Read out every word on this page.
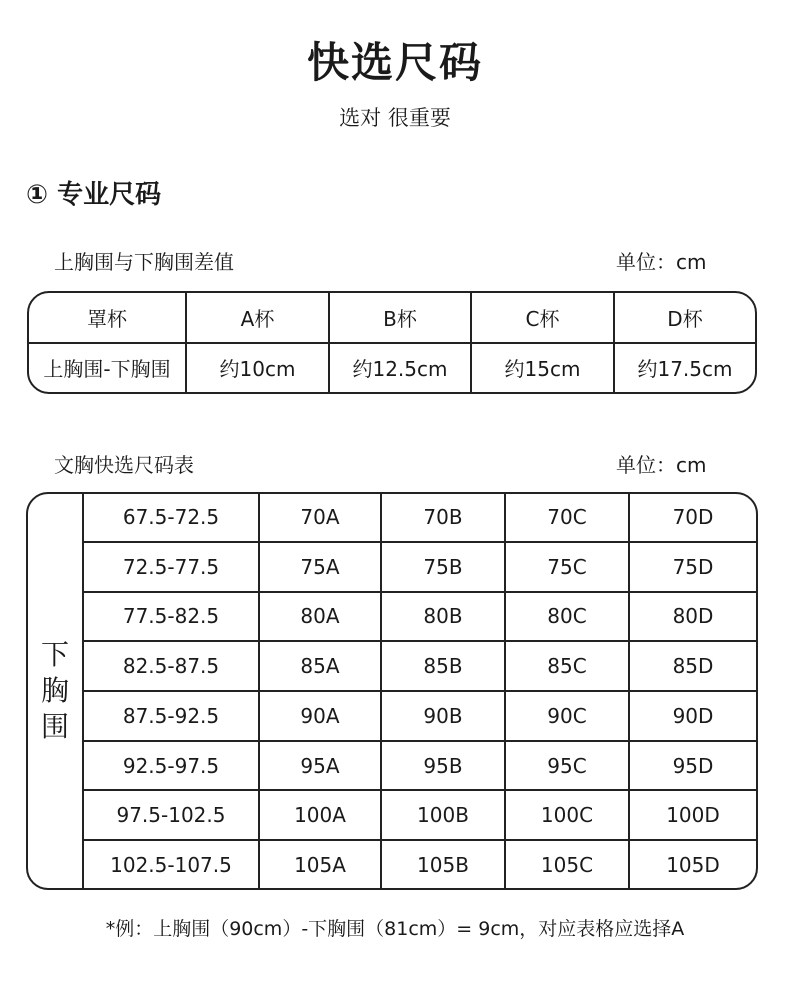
快选尺码
选对 很重要
① 专业尺码
上胸围与下胸围差值	单位：cm
罩杯	A杯	B杯	C杯	D杯
上胸围-下胸围	约10cm	约12.5cm	约15cm	约17.5cm
文胸快选尺码表	单位：cm
下
胸
围	67.5-72.5	70A	70B	70C	70D
	72.5-77.5	75A	75B	75C	75D
	77.5-82.5	80A	80B	80C	80D
	82.5-87.5	85A	85B	85C	85D
	87.5-92.5	90A	90B	90C	90D
	92.5-97.5	95A	95B	95C	95D
	97.5-102.5	100A	100B	100C	100D
	102.5-107.5	105A	105B	105C	105D
*例：上胸围（90cm）-下胸围（81cm）= 9cm，对应表格应选择A
